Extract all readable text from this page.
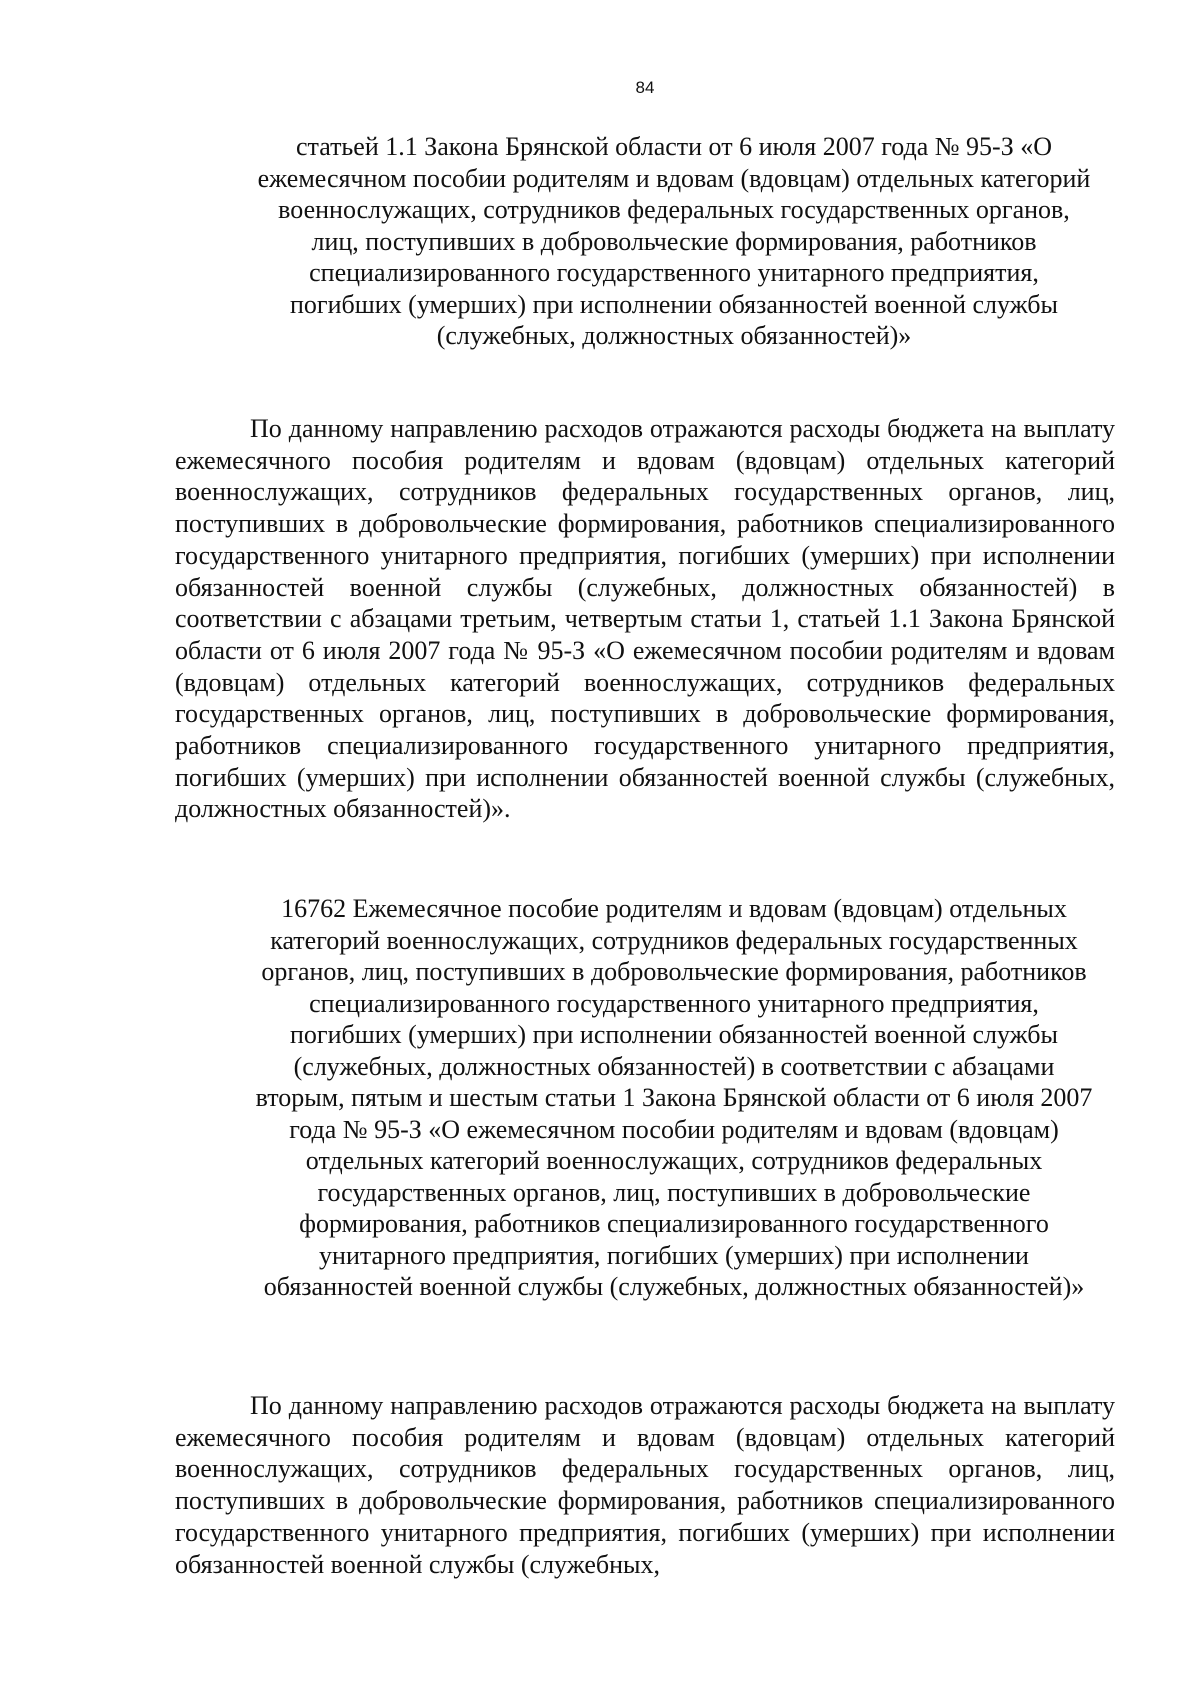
84
статьей 1.1 Закона Брянской области от 6 июля 2007 года № 95-З «О ежемесячном пособии родителям и вдовам (вдовцам) отдельных категорий военнослужащих, сотрудников федеральных государственных органов, лиц, поступивших в добровольческие формирования, работников специализированного государственного унитарного предприятия, погибших (умерших) при исполнении обязанностей военной службы (служебных, должностных обязанностей)»

По данному направлению расходов отражаются расходы бюджета на выплату ежемесячного пособия родителям и вдовам (вдовцам) отдельных категорий военнослужащих, сотрудников федеральных государственных органов, лиц, поступивших в добровольческие формирования, работников специализированного государственного унитарного предприятия, погибших (умерших) при исполнении обязанностей военной службы (служебных, должностных обязанностей) в соответствии с абзацами третьим, четвертым статьи 1, статьей 1.1 Закона Брянской области от 6 июля 2007 года № 95-З «О ежемесячном пособии родителям и вдовам (вдовцам) отдельных категорий военнослужащих, сотрудников федеральных государственных органов, лиц, поступивших в добровольческие формирования, работников специализированного государственного унитарного предприятия, погибших (умерших) при исполнении обязанностей военной службы (служебных, должностных обязанностей)».

16762 Ежемесячное пособие родителям и вдовам (вдовцам) отдельных категорий военнослужащих, сотрудников федеральных государственных органов, лиц, поступивших в добровольческие формирования, работников специализированного государственного унитарного предприятия, погибших (умерших) при исполнении обязанностей военной службы (служебных, должностных обязанностей) в соответствии с абзацами вторым, пятым и шестым статьи 1 Закона Брянской области от 6 июля 2007 года № 95-З «О ежемесячном пособии родителям и вдовам (вдовцам) отдельных категорий военнослужащих, сотрудников федеральных государственных органов, лиц, поступивших в добровольческие формирования, работников специализированного государственного унитарного предприятия, погибших (умерших) при исполнении обязанностей военной службы (служебных, должностных обязанностей)»

По данному направлению расходов отражаются расходы бюджета на выплату ежемесячного пособия родителям и вдовам (вдовцам) отдельных категорий военнослужащих, сотрудников федеральных государственных органов, лиц, поступивших в добровольческие формирования, работников специализированного государственного унитарного предприятия, погибших (умерших) при исполнении обязанностей военной службы (служебных,
